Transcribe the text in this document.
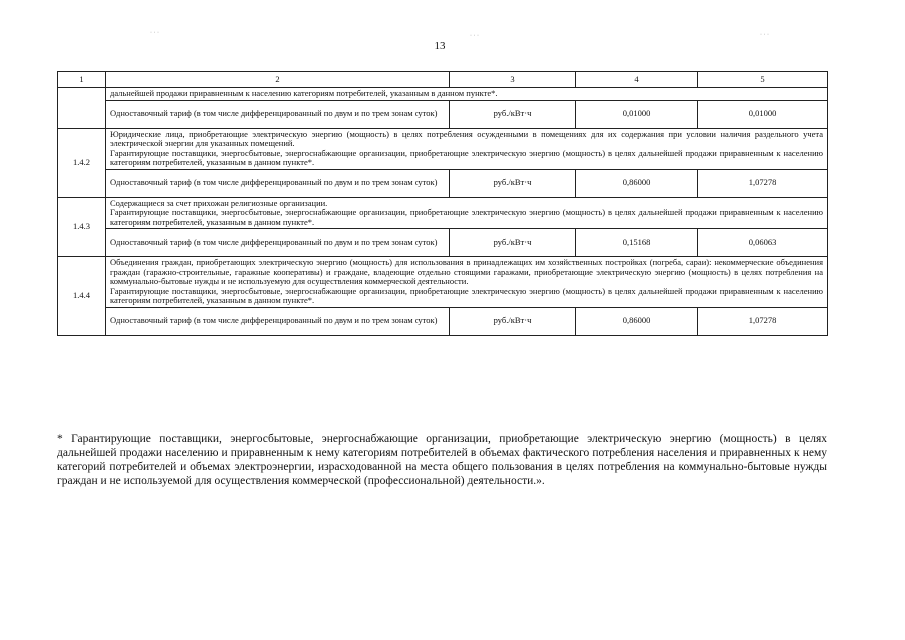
· · ·	· · ·	· · ·
13
1	2	3	4	5
	дальнейшей продажи приравненным к населению категориям потребителей, указанным в данном пункте*.			
	Одноставочный тариф (в том числе дифференцированный по двум и по трем зонам суток)	руб./кВт·ч	0,01000	0,01000
1.4.2	Юридические лица, приобретающие электрическую энергию (мощность) в целях потребления осужденными в помещениях для их содержания при условии наличия раздельного учета электрической энергии для указанных помещений.
Гарантирующие поставщики, энергосбытовые, энергоснабжающие организации, приобретающие электрическую энергию (мощность) в целях дальнейшей продажи приравненным к населению категориям потребителей, указанным в данном пункте*.			

	Одноставочный тариф (в том числе дифференцированный по двум и по трем зонам суток)	руб./кВт·ч	0,86000	1,07278
1.4.3	Содержащиеся за счет прихожан религиозные организации.
Гарантирующие поставщики, энергосбытовые, энергоснабжающие организации, приобретающие электрическую энергию (мощность) в целях дальнейшей продажи приравненным к населению категориям потребителей, указанным в данном пункте*.			

	Одноставочный тариф (в том числе дифференцированный по двум и по трем зонам суток)	руб./кВт·ч	0,15168	0,06063
1.4.4	Объединения граждан, приобретающих электрическую энергию (мощность) для использования в принадлежащих им хозяйственных постройках (погреба, сараи): некоммерческие объединения граждан (гаражно-строительные, гаражные кооперативы) и граждане, владеющие отдельно стоящими гаражами, приобретающие электрическую энергию (мощность) в целях потребления на коммунально-бытовые нужды и не используемую для осуществления коммерческой деятельности.
Гарантирующие поставщики, энергосбытовые, энергоснабжающие организации, приобретающие электрическую энергию (мощность) в целях дальнейшей продажи приравненным к населению категориям потребителей, указанным в данном пункте*.			

	Одноставочный тариф (в том числе дифференцированный по двум и по трем зонам суток)	руб./кВт·ч	0,86000	1,07278
* Гарантирующие поставщики, энергосбытовые, энергоснабжающие организации, приобретающие электрическую энергию (мощность) в целях дальнейшей продажи населению и приравненным к нему категориям потребителей в объемах фактического потребления населения и приравненных к нему категорий потребителей и объемах электроэнергии, израсходованной на места общего пользования в целях потребления на коммунально-бытовые нужды граждан и не используемой для осуществления коммерческой (профессиональной) деятельности.».
